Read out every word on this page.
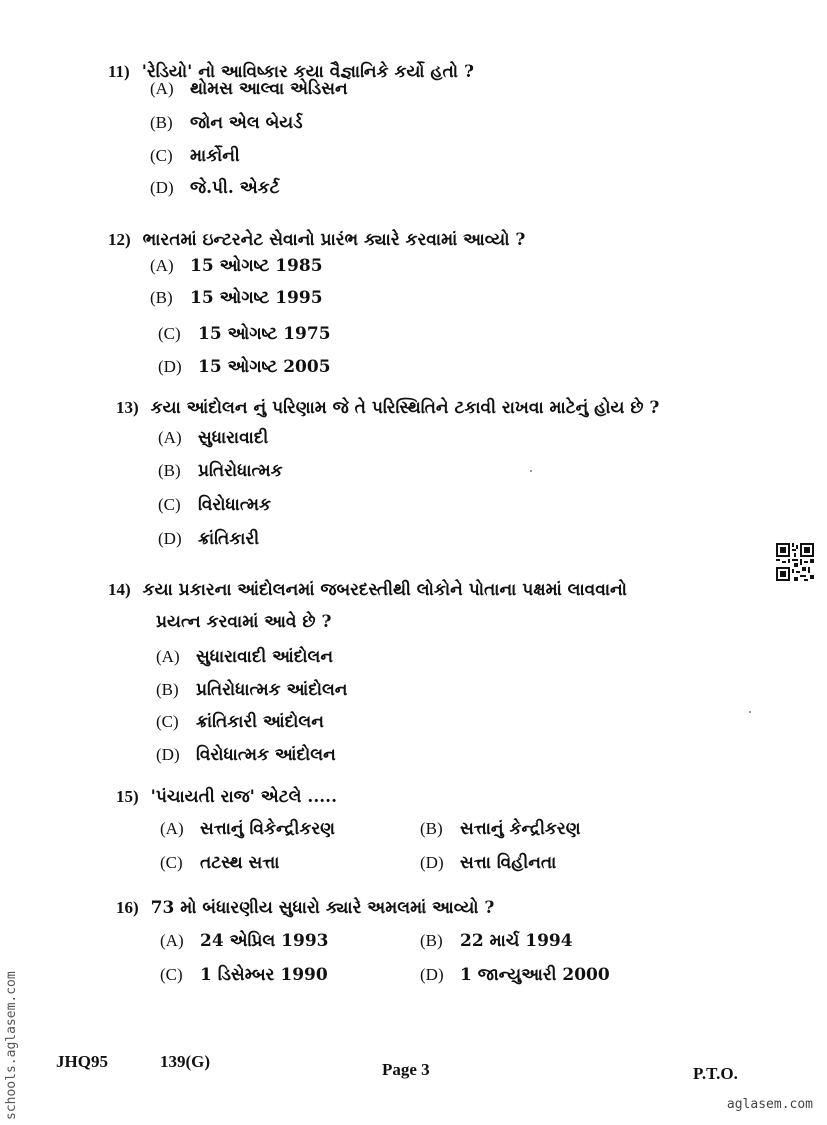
11) 'રેડિયો' નો આવિષ્કાર કયા વૈજ્ઞાનિકે કર્યો હતો ?
(A) થોમસ આલ્વા એડિસન
(B) જોન એલ બેયર્ડ
(C) માર્કોની
(D) જે.પી. એકર્ટ
12) ભારતમાં ઇન્ટરનેટ સેવાનો પ્રારંભ ક્યારે કરવામાં આવ્યો ?
(A) 15 ઓગષ્ટ 1985
(B) 15 ઓગષ્ટ 1995
(C) 15 ઓગષ્ટ 1975
(D) 15 ઓગષ્ટ 2005
13) કયા આંદોલન નું પરિણામ જે તે પરિસ્થિતિને ટકાવી રાખવા માટેનું હોય છે ?
(A) સુધારાવાદી
(B) પ્રતિરોધાત્મક
(C) વિરોધાત્મક
(D) ક્રાંતિકારી
14) કયા પ્રકારના આંદોલનમાં જબરદસ્તીથી લોકોને પોતાના પક્ષમાં લાવવાનો
પ્રયત્ન કરવામાં આવે છે ?
(A) સુધારાવાદી આંદોલન
(B) પ્રતિરોધાત્મક આંદોલન
(C) ક્રાંતિકારી આંદોલન
(D) વિરોધાત્મક આંદોલન
15) 'પંચાયતી રાજ' એટલે .....
(A) સત્તાનું વિકેન્દ્રીકરણ	(B) સત્તાનું કેન્દ્રીકરણ
(C) તટસ્થ સત્તા	(D) સત્તા વિહીનતા
16) 73 મો બંધારણીય સુધારો ક્યારે અમલમાં આવ્યો ?
(A) 24 એપ્રિલ 1993	(B) 22 માર્ચ 1994
(C) 1 ડિસેમ્બર 1990	(D) 1 જાન્યુઆરી 2000
JHQ95	139(G)	Page 3	P.T.O.
schools.aglasem.com	aglasem.com
